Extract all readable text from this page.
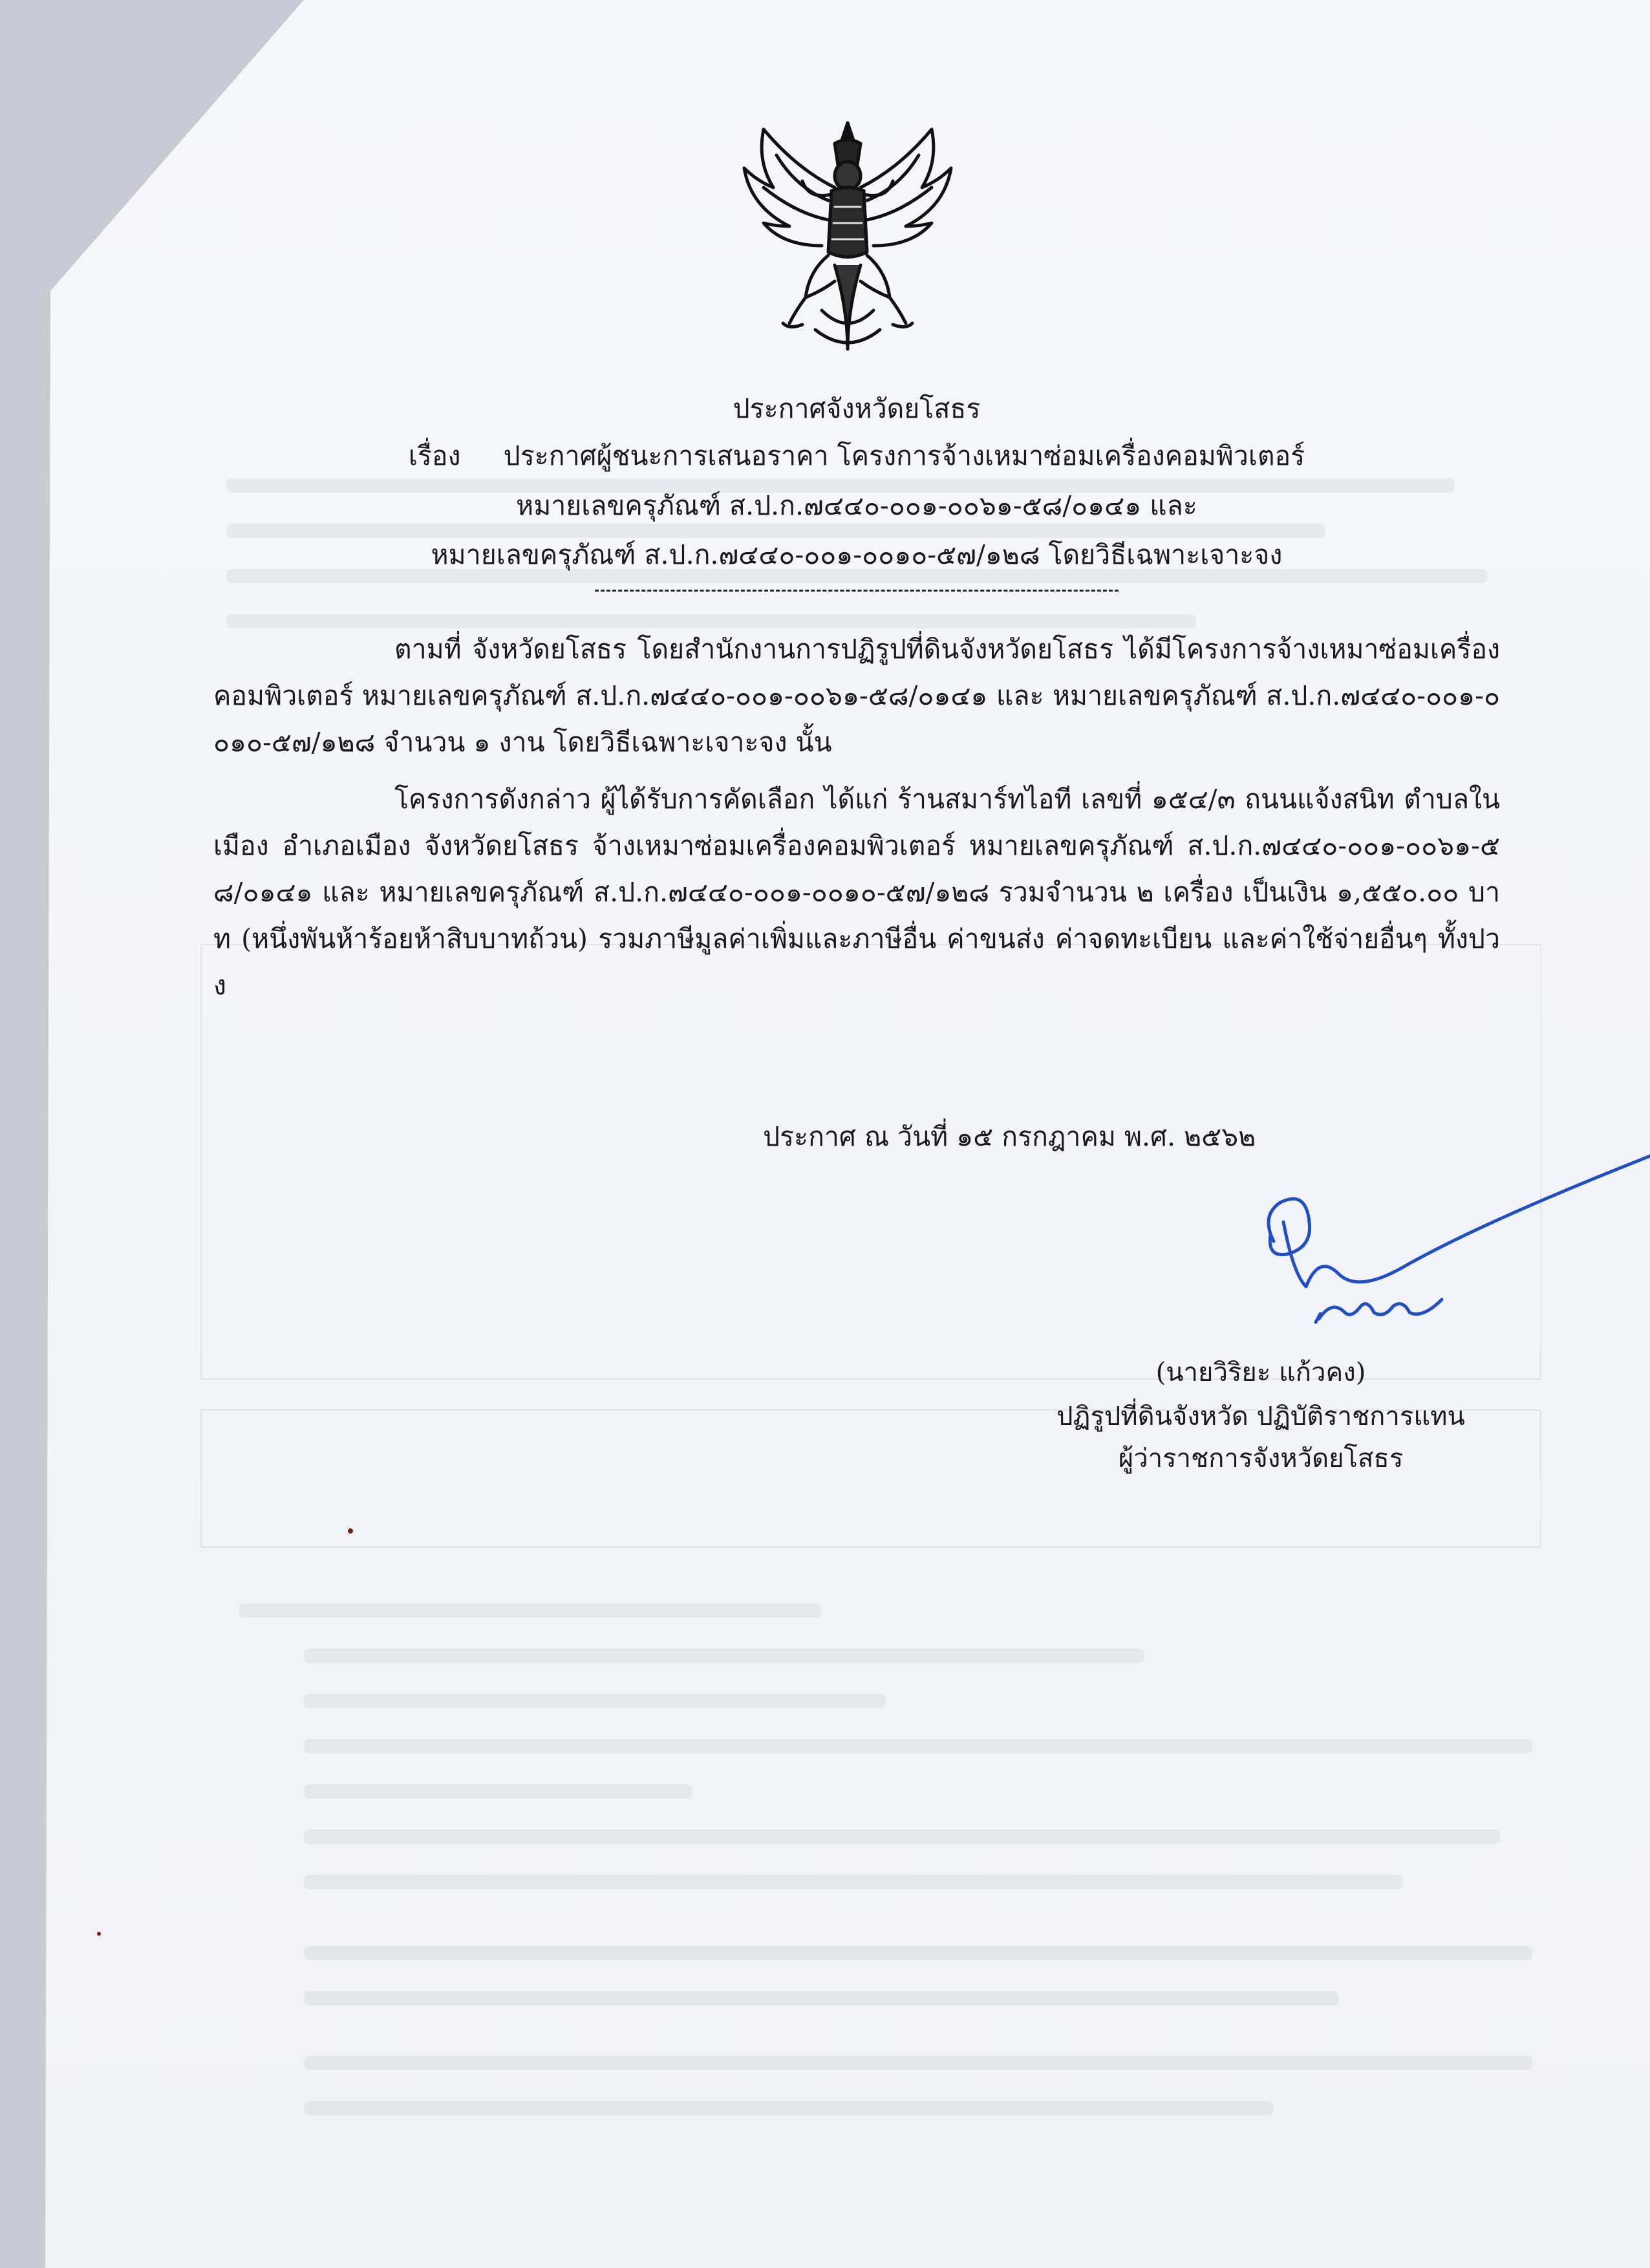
ประกาศจังหวัดยโสธร
เรื่อง ประกาศผู้ชนะการเสนอราคา โครงการจ้างเหมาซ่อมเครื่องคอมพิวเตอร์
หมายเลขครุภัณฑ์ ส.ป.ก.๗๔๔๐-๐๐๑-๐๐๖๑-๕๘/๐๑๔๑ และ
หมายเลขครุภัณฑ์ ส.ป.ก.๗๔๔๐-๐๐๑-๐๐๑๐-๕๗/๑๒๘ โดยวิธีเฉพาะเจาะจง
ตามที่ จังหวัดยโสธร โดยสำนักงานการปฏิรูปที่ดินจังหวัดยโสธร ได้มีโครงการจ้างเหมาซ่อมเครื่องคอมพิวเตอร์ หมายเลขครุภัณฑ์ ส.ป.ก.๗๔๔๐-๐๐๑-๐๐๖๑-๕๘/๐๑๔๑ และ หมายเลขครุภัณฑ์ ส.ป.ก.๗๔๔๐-๐๐๑-๐๐๑๐-๕๗/๑๒๘ จำนวน ๑ งาน โดยวิธีเฉพาะเจาะจง นั้น
โครงการดังกล่าว ผู้ได้รับการคัดเลือก ได้แก่ ร้านสมาร์ทไอที เลขที่ ๑๕๔/๓ ถนนแจ้งสนิท ตำบลในเมือง อำเภอเมือง จังหวัดยโสธร จ้างเหมาซ่อมเครื่องคอมพิวเตอร์ หมายเลขครุภัณฑ์ ส.ป.ก.๗๔๔๐-๐๐๑-๐๐๖๑-๕๘/๐๑๔๑ และ หมายเลขครุภัณฑ์ ส.ป.ก.๗๔๔๐-๐๐๑-๐๐๑๐-๕๗/๑๒๘ รวมจำนวน ๒ เครื่อง เป็นเงิน ๑,๕๕๐.๐๐ บาท (หนึ่งพันห้าร้อยห้าสิบบาทถ้วน) รวมภาษีมูลค่าเพิ่มและภาษีอื่น ค่าขนส่ง ค่าจดทะเบียน และค่าใช้จ่ายอื่นๆ ทั้งปวง
ประกาศ ณ วันที่ ๑๕ กรกฎาคม พ.ศ. ๒๕๖๒
(นายวิริยะ แก้วคง)
ปฏิรูปที่ดินจังหวัด ปฏิบัติราชการแทน
ผู้ว่าราชการจังหวัดยโสธร
